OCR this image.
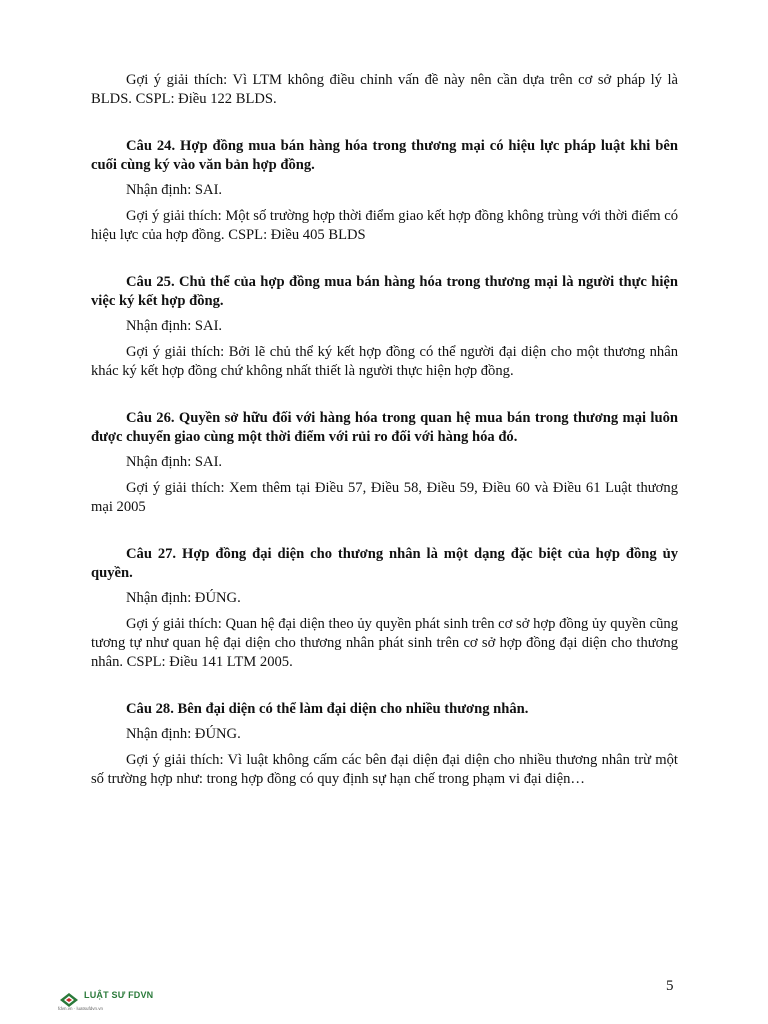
Gợi ý giải thích: Vì LTM không điều chỉnh vấn đề này nên cần dựa trên cơ sở pháp lý là BLDS. CSPL: Điều 122 BLDS.

Câu 24. Hợp đồng mua bán hàng hóa trong thương mại có hiệu lực pháp luật khi bên cuối cùng ký vào văn bản hợp đồng.

Nhận định: SAI.

Gợi ý giải thích: Một số trường hợp thời điểm giao kết hợp đồng không trùng với thời điểm có hiệu lực của hợp đồng. CSPL: Điều 405 BLDS

Câu 25. Chủ thể của hợp đồng mua bán hàng hóa trong thương mại là người thực hiện việc ký kết hợp đồng.

Nhận định: SAI.

Gợi ý giải thích: Bởi lẽ chủ thể ký kết hợp đồng có thể người đại diện cho một thương nhân khác ký kết hợp đồng chứ không nhất thiết là người thực hiện hợp đồng.

Câu 26. Quyền sở hữu đối với hàng hóa trong quan hệ mua bán trong thương mại luôn được chuyển giao cùng một thời điểm với rủi ro đối với hàng hóa đó.

Nhận định: SAI.

Gợi ý giải thích: Xem thêm tại Điều 57, Điều 58, Điều 59, Điều 60 và Điều 61 Luật thương mại 2005

Câu 27. Hợp đồng đại diện cho thương nhân là một dạng đặc biệt của hợp đồng ủy quyền.

Nhận định: ĐÚNG.

Gợi ý giải thích: Quan hệ đại diện theo ủy quyền phát sinh trên cơ sở hợp đồng ủy quyền cũng tương tự như quan hệ đại diện cho thương nhân phát sinh trên cơ sở hợp đồng đại diện cho thương nhân. CSPL: Điều 141 LTM 2005.

Câu 28. Bên đại diện có thể làm đại diện cho nhiều thương nhân.

Nhận định: ĐÚNG.

Gợi ý giải thích: Vì luật không cấm các bên đại diện đại diện cho nhiều thương nhân trừ một số trường hợp như: trong hợp đồng có quy định sự hạn chế trong phạm vi đại diện…

5
LUẬT SƯ FDVN
fdvn.vn · luatsufdvn.vn
